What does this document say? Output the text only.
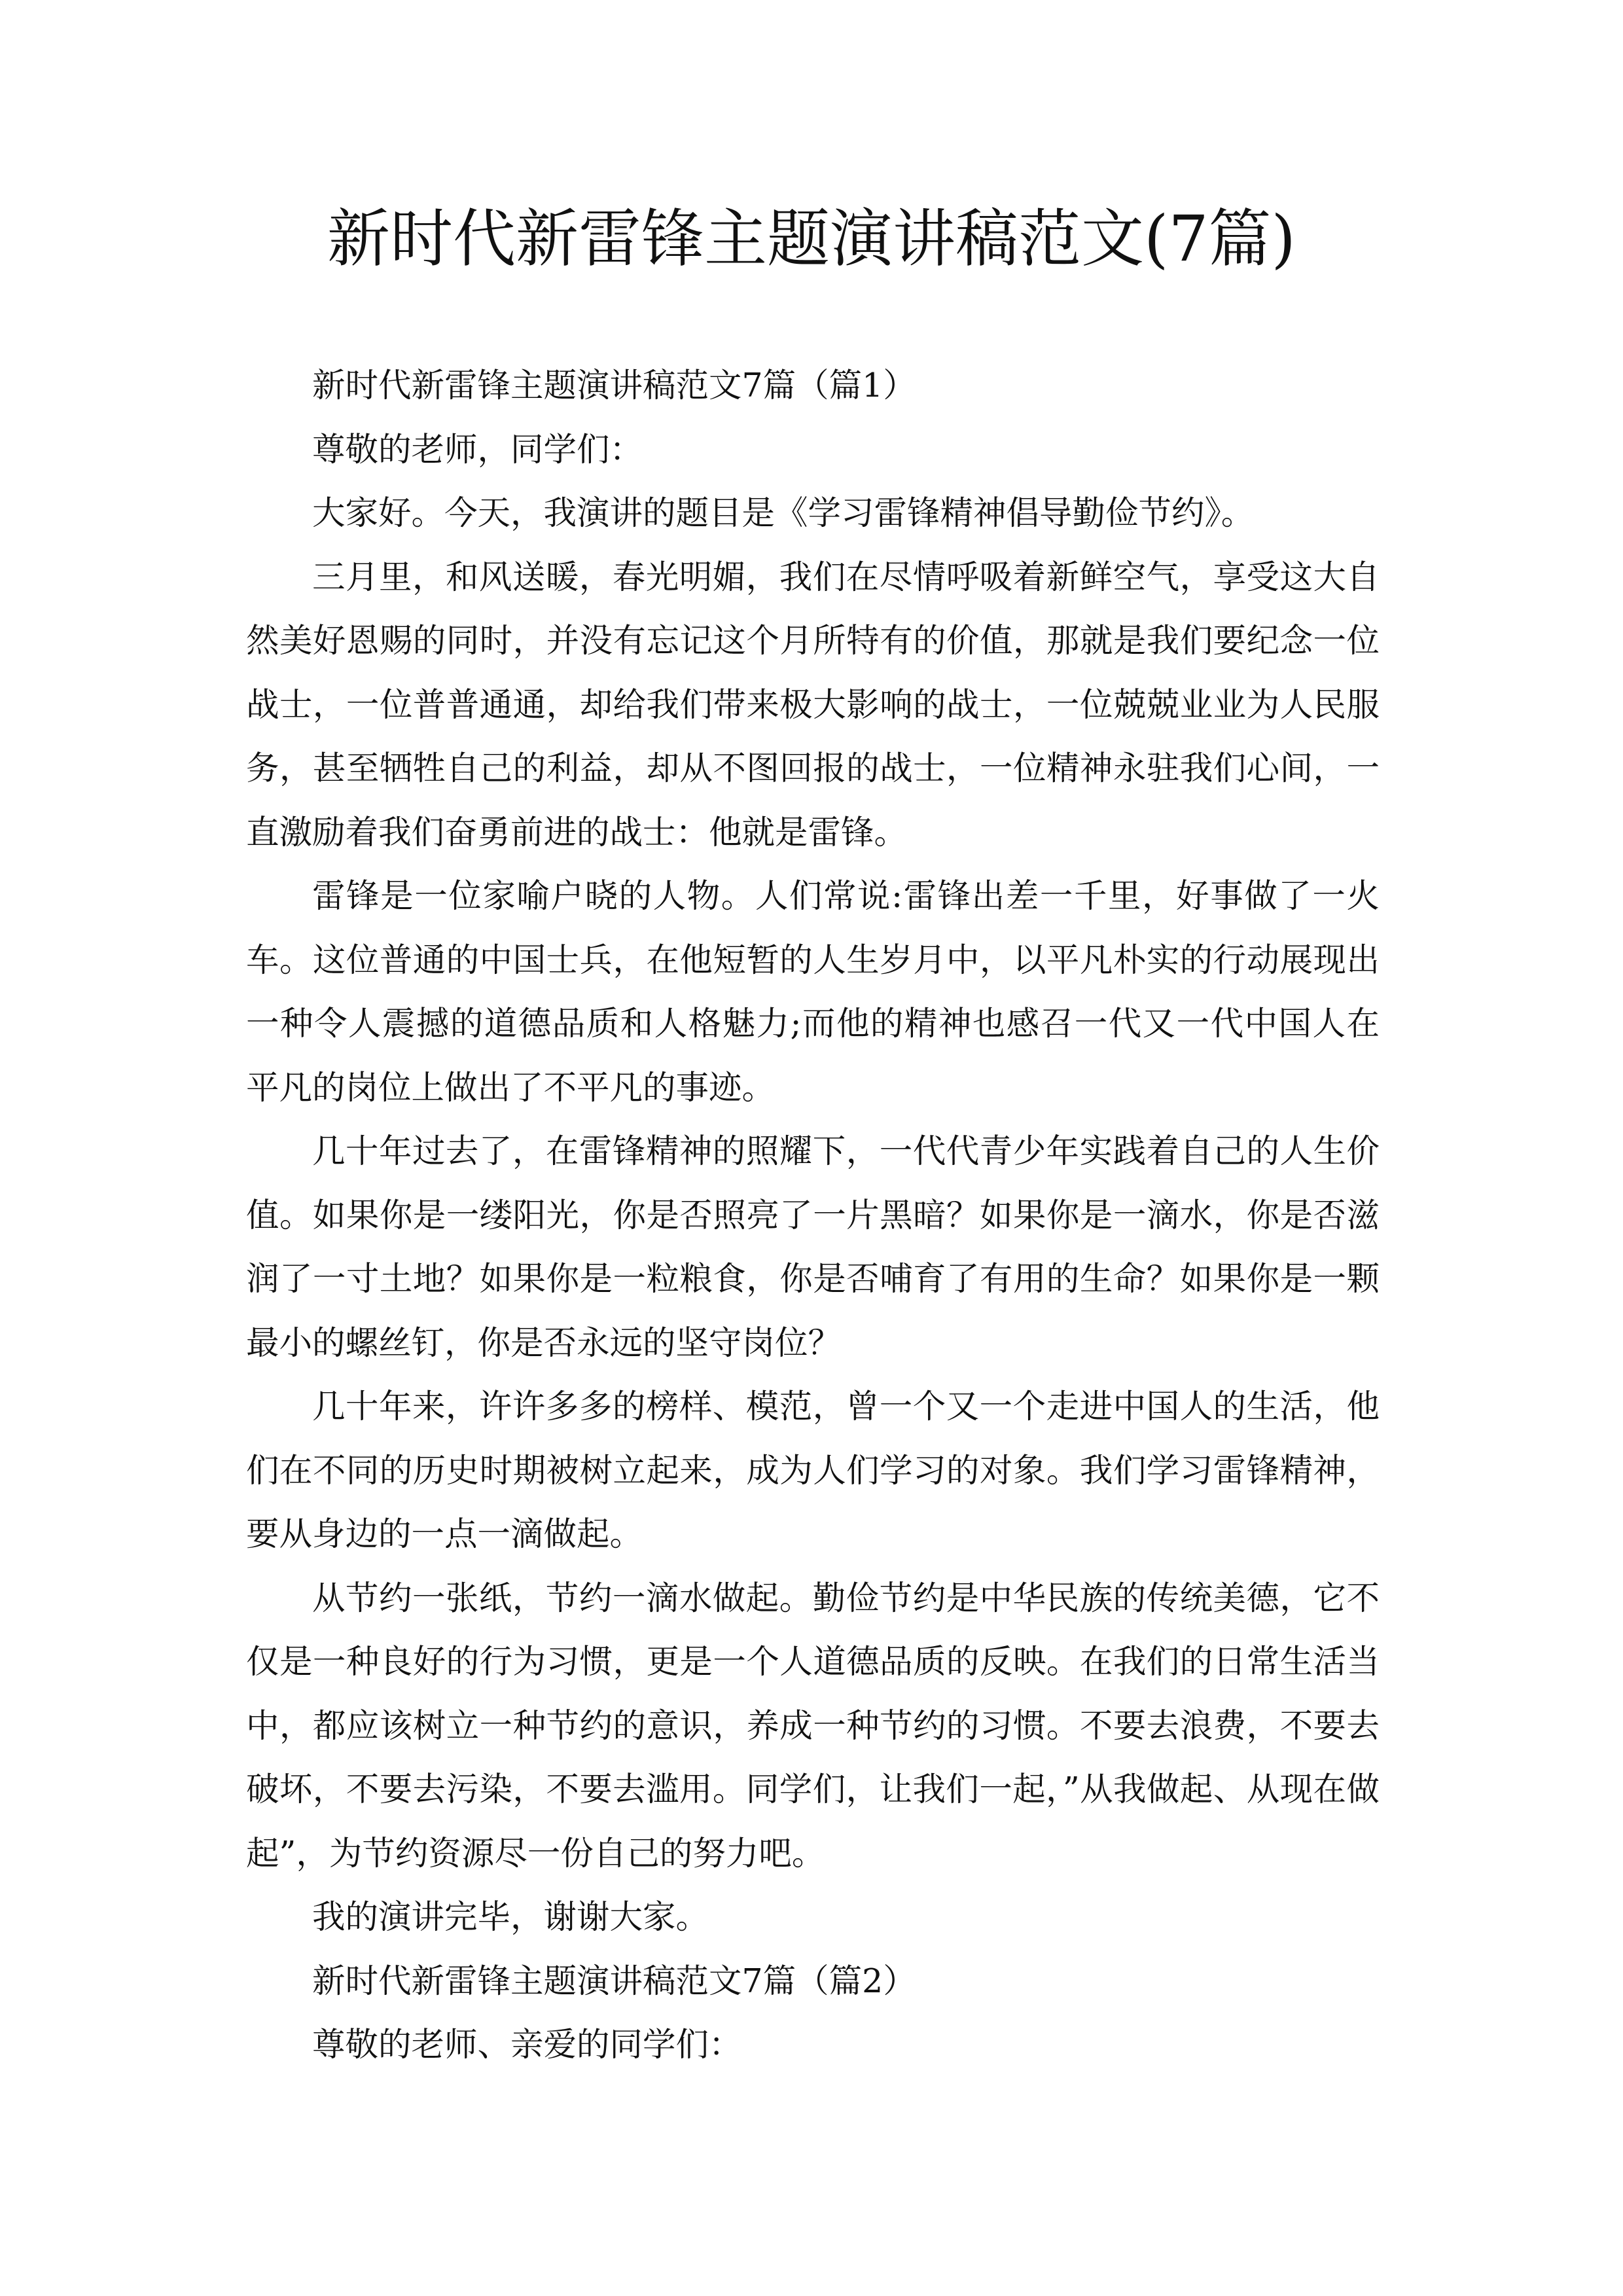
新时代新雷锋主题演讲稿范文(7篇)

新时代新雷锋主题演讲稿范文7篇（篇1）

尊敬的老师，同学们：

大家好。今天，我演讲的题目是《学习雷锋精神倡导勤俭节约》。

三月里，和风送暖，春光明媚，我们在尽情呼吸着新鲜空气，享受这大自然美好恩赐的同时，并没有忘记这个月所特有的价值，那就是我们要纪念一位战士，一位普普通通，却给我们带来极大影响的战士，一位兢兢业业为人民服务，甚至牺牲自己的利益，却从不图回报的战士，一位精神永驻我们心间，一直激励着我们奋勇前进的战士：他就是雷锋。

雷锋是一位家喻户晓的人物。人们常说:雷锋出差一千里，好事做了一火车。这位普通的中国士兵，在他短暂的人生岁月中，以平凡朴实的行动展现出一种令人震撼的道德品质和人格魅力;而他的精神也感召一代又一代中国人在平凡的岗位上做出了不平凡的事迹。

几十年过去了，在雷锋精神的照耀下，一代代青少年实践着自己的人生价值。如果你是一缕阳光，你是否照亮了一片黑暗？如果你是一滴水，你是否滋润了一寸土地？如果你是一粒粮食，你是否哺育了有用的生命？如果你是一颗最小的螺丝钉，你是否永远的坚守岗位？

几十年来，许许多多的榜样、模范，曾一个又一个走进中国人的生活，他们在不同的历史时期被树立起来，成为人们学习的对象。我们学习雷锋精神，要从身边的一点一滴做起。

从节约一张纸，节约一滴水做起。勤俭节约是中华民族的传统美德，它不仅是一种良好的行为习惯，更是一个人道德品质的反映。在我们的日常生活当中，都应该树立一种节约的意识，养成一种节约的习惯。不要去浪费，不要去破坏，不要去污染，不要去滥用。同学们，让我们一起，”从我做起、从现在做起”，为节约资源尽一份自己的努力吧。

我的演讲完毕，谢谢大家。

新时代新雷锋主题演讲稿范文7篇（篇2）

尊敬的老师、亲爱的同学们：
